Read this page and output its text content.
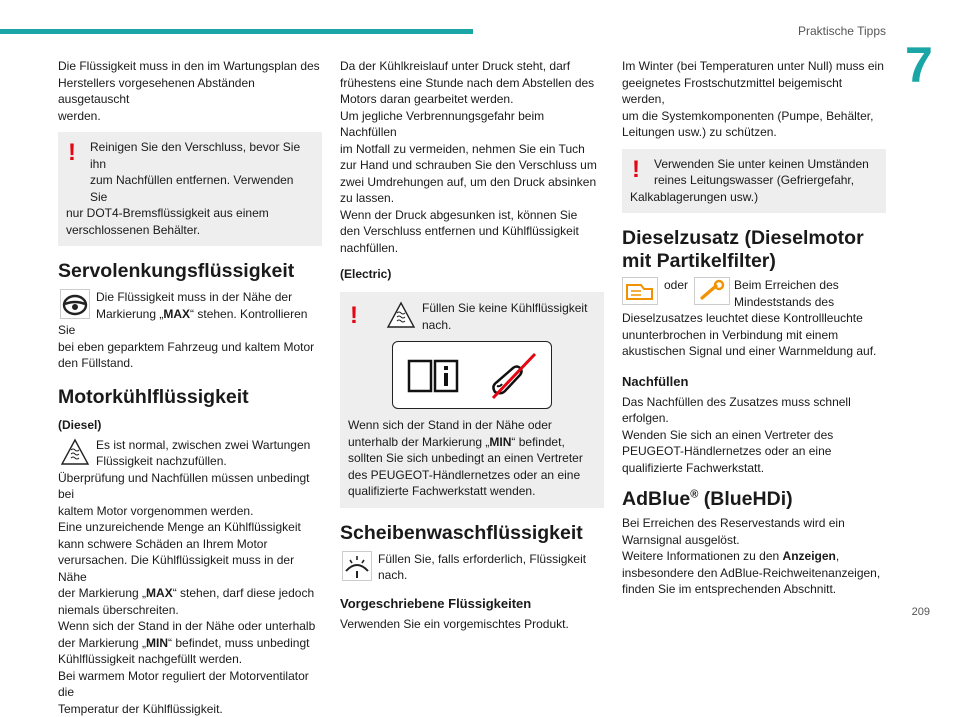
Praktische Tipps
7
209

Die Flüssigkeit muss in den im Wartungsplan des
Herstellers vorgesehenen Abständen ausgetauscht
werden.

!	Reinigen Sie den Verschluss, bevor Sie ihn
zum Nachfüllen entfernen. Verwenden Sie

nur DOT4-Bremsflüssigkeit aus einem
verschlossenen Behälter.

Servolenkungsflüssigkeit

Die Flüssigkeit muss in der Nähe der
Markierung „MAX“ stehen. Kontrollieren Sie

bei eben geparktem Fahrzeug und kaltem Motor
den Füllstand.

Motorkühlflüssigkeit
(Diesel)

Es ist normal, zwischen zwei Wartungen
Flüssigkeit nachzufüllen.

Überprüfung und Nachfüllen müssen unbedingt bei
kaltem Motor vorgenommen werden.
Eine unzureichende Menge an Kühlflüssigkeit
kann schwere Schäden an Ihrem Motor
verursachen. Die Kühlflüssigkeit muss in der Nähe
der Markierung „MAX“ stehen, darf diese jedoch
niemals überschreiten.
Wenn sich der Stand in der Nähe oder unterhalb
der Markierung „MIN“ befindet, muss unbedingt
Kühlflüssigkeit nachgefüllt werden.
Bei warmem Motor reguliert der Motorventilator die
Temperatur der Kühlflüssigkeit.

Da der Kühlkreislauf unter Druck steht, darf
frühestens eine Stunde nach dem Abstellen des
Motors daran gearbeitet werden.
Um jegliche Verbrennungsgefahr beim Nachfüllen
im Notfall zu vermeiden, nehmen Sie ein Tuch
zur Hand und schrauben Sie den Verschluss um
zwei Umdrehungen auf, um den Druck absinken
zu lassen.
Wenn der Druck abgesunken ist, können Sie
den Verschluss entfernen und Kühlflüssigkeit
nachfüllen.

(Electric)
!	Füllen Sie keine Kühlflüssigkeit
nach.

Wenn sich der Stand in der Nähe oder
unterhalb der Markierung „MIN“ befindet,
sollten Sie sich unbedingt an einen Vertreter
des PEUGEOT-Händlernetzes oder an eine
qualifizierte Fachwerkstatt wenden.

Scheibenwaschflüssigkeit

Füllen Sie, falls erforderlich, Flüssigkeit
nach.

Vorgeschriebene Flüssigkeiten

Verwenden Sie ein vorgemischtes Produkt.

Im Winter (bei Temperaturen unter Null) muss ein
geeignetes Frostschutzmittel beigemischt werden,
um die Systemkomponenten (Pumpe, Behälter,
Leitungen usw.) zu schützen.

!	Verwenden Sie unter keinen Umständen
reines Leitungswasser (Gefriergefahr,

Kalkablagerungen usw.)

Dieselzusatz (Dieselmotor
mit Partikelfilter)
oder	Beim Erreichen des
Mindeststands des

Dieselzusatzes leuchtet diese Kontrollleuchte
ununterbrochen in Verbindung mit einem
akustischen Signal und einer Warnmeldung auf.

Nachfüllen

Das Nachfüllen des Zusatzes muss schnell
erfolgen.
Wenden Sie sich an einen Vertreter des
PEUGEOT-Händlernetzes oder an eine
qualifizierte Fachwerkstatt.

AdBlue® (BlueHDi)

Bei Erreichen des Reservestands wird ein
Warnsignal ausgelöst.
Weitere Informationen zu den Anzeigen,
insbesondere den AdBlue-Reichweitenanzeigen,
finden Sie im entsprechenden Abschnitt.
